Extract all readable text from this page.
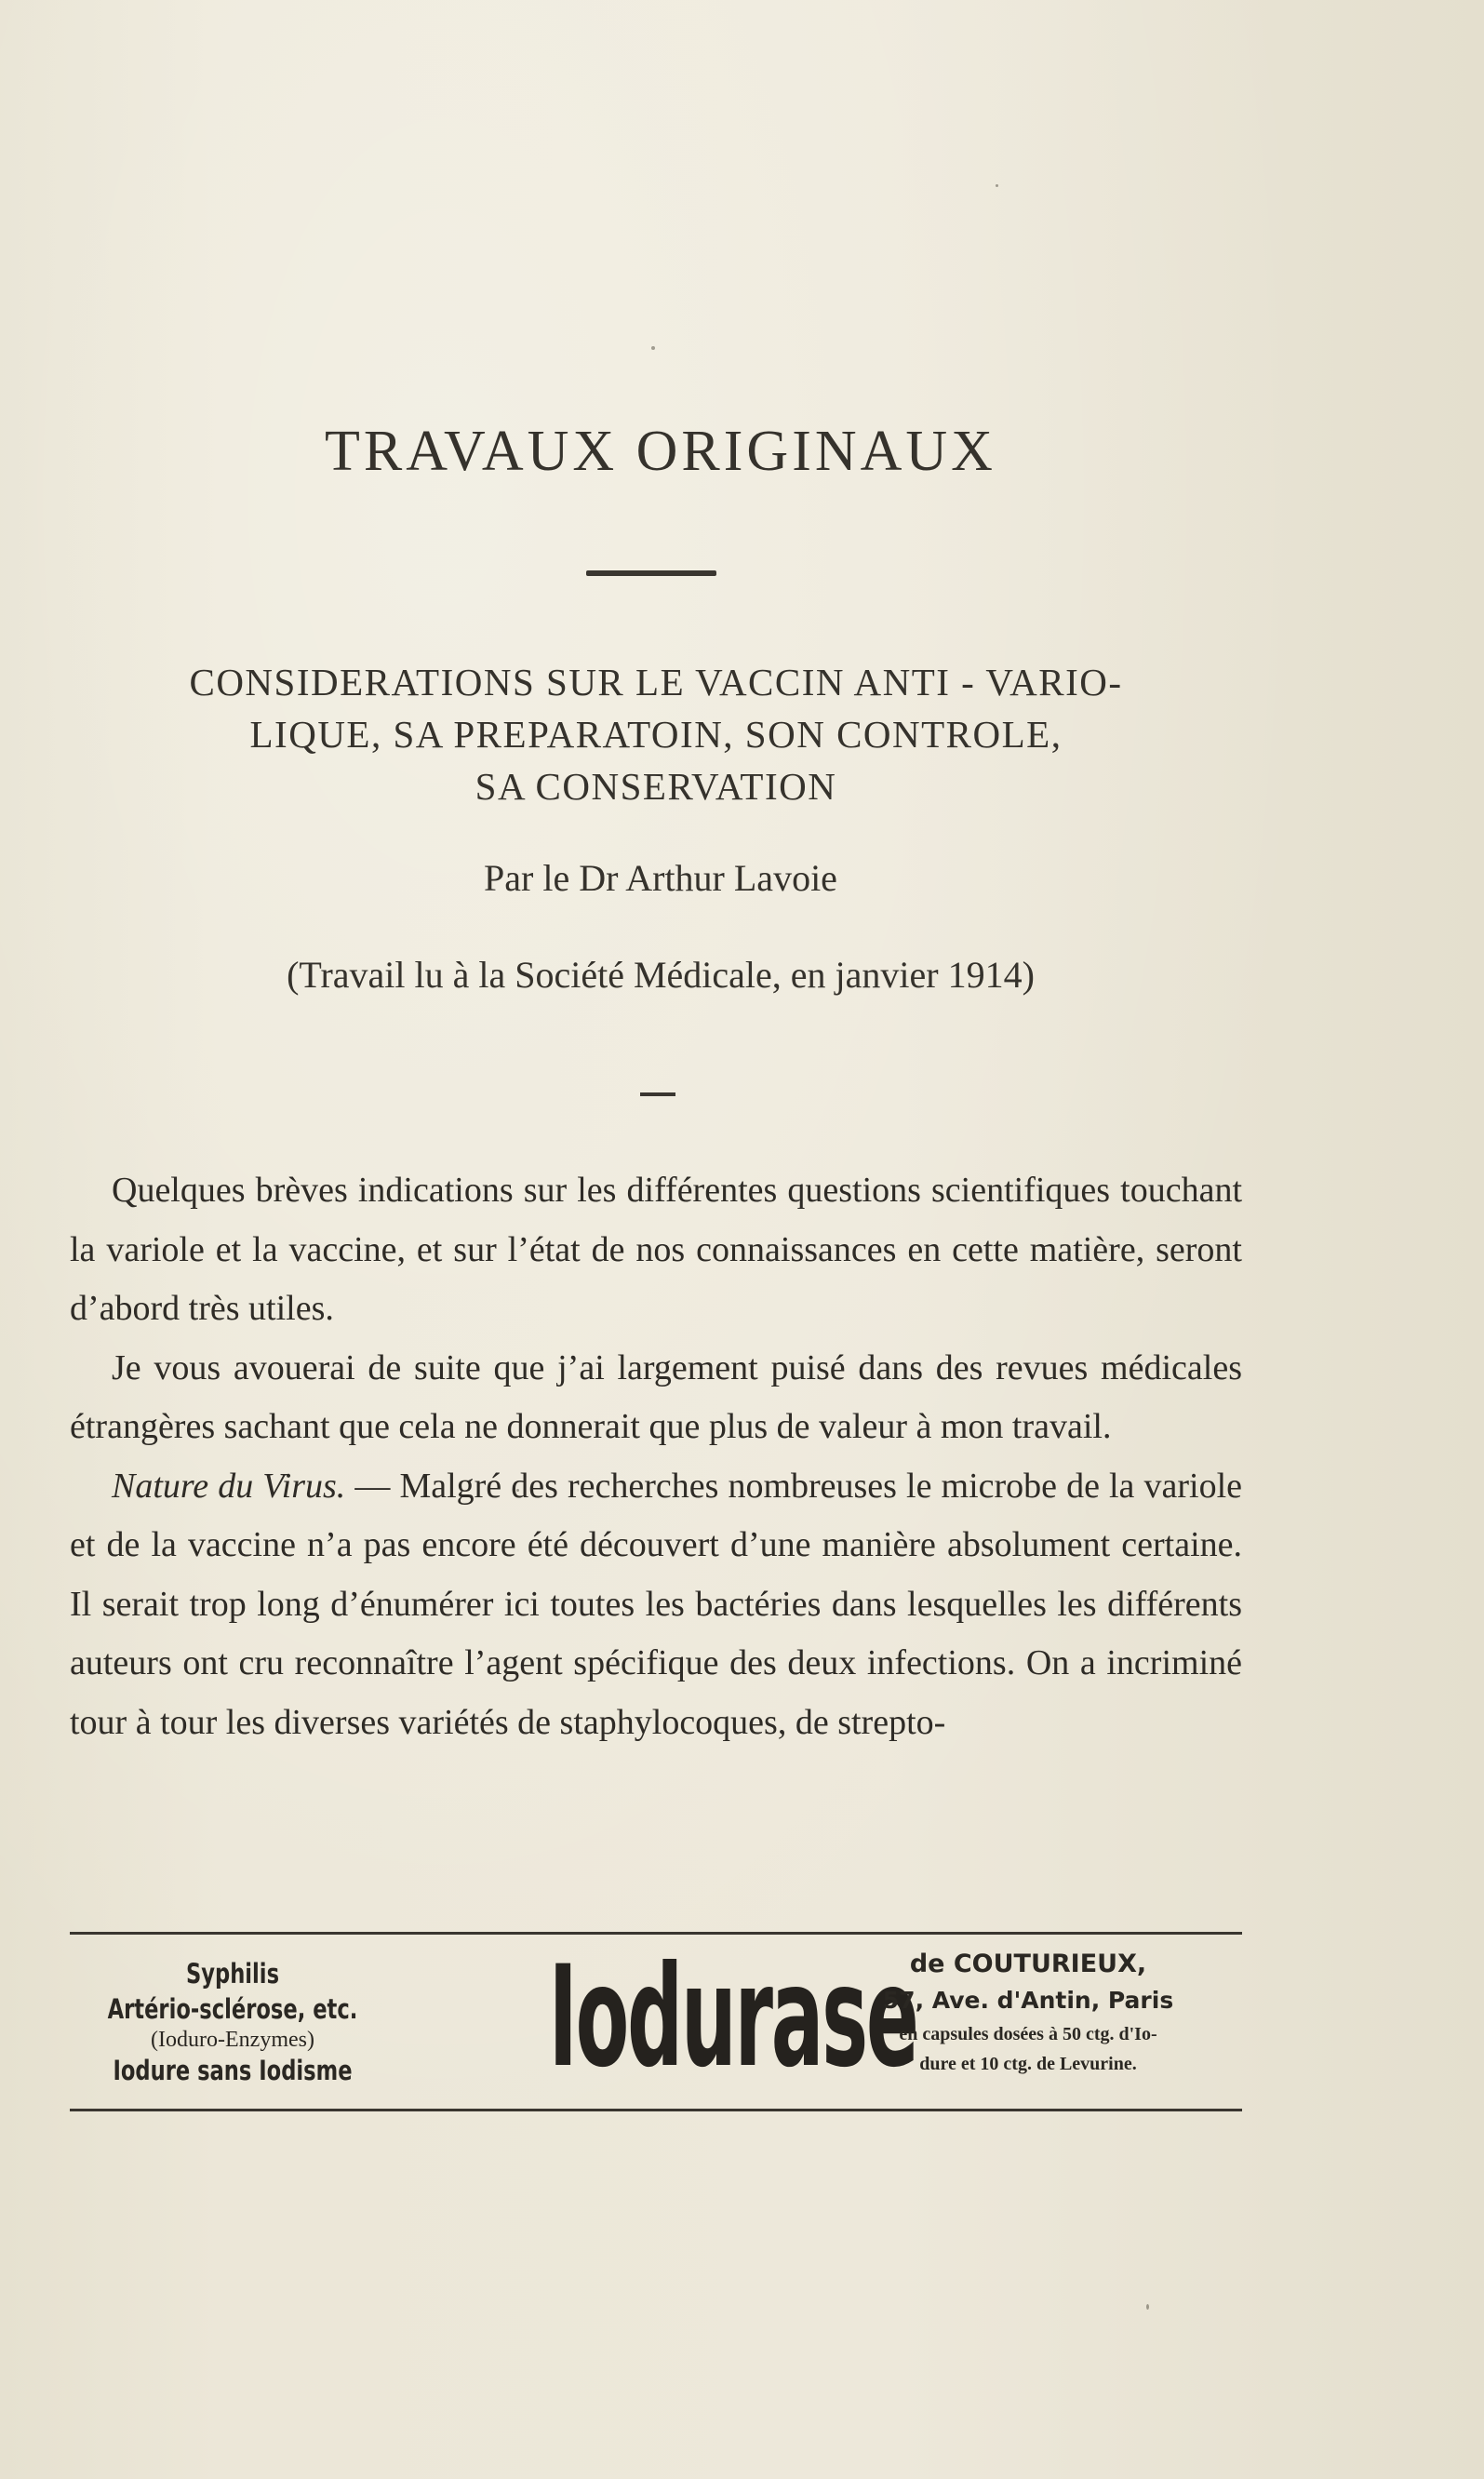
TRAVAUX ORIGINAUX
CONSIDERATIONS SUR LE VACCIN ANTI - VARIO-
LIQUE, SA PREPARATOIN, SON CONTROLE,
SA CONSERVATION
Par le Dr Arthur Lavoie
(Travail lu à la Société Médicale, en janvier 1914)

Quelques brèves indications sur les différentes questions scientifiques touchant la variole et la vaccine, et sur l’état de nos connaissances en cette matière, seront d’abord très utiles.

Je vous avouerai de suite que j’ai largement puisé dans des revues médicales étrangères sachant que cela ne donnerait que plus de valeur à mon travail.

Nature du Virus. — Malgré des recherches nombreuses le microbe de la variole et de la vaccine n’a pas encore été découvert d’une manière absolument certaine. Il serait trop long d’énumérer ici toutes les bactéries dans lesquelles les différents auteurs ont cru reconnaître l’agent spécifique des deux infections. On a incriminé tour à tour les diverses variétés de staphylocoques, de strepto-

Syphilis
Artério-sclérose, etc.
(Ioduro-Enzymes)
Iodure sans Iodisme	Iodurase
de COUTURIEUX,
57, Ave. d'Antin, Paris
en capsules dosées à 50 ctg. d'Io-
dure et 10 ctg. de Levurine.
